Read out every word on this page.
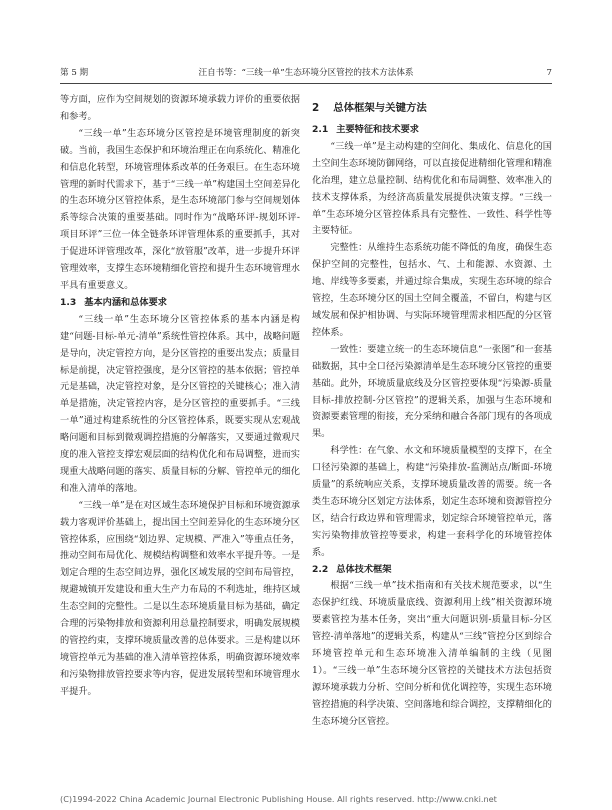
第 5 期	汪自书等：“三线一单”生态环境分区管控的技术方法体系	7

等方面，应作为空间规划的资源环境承载力评价的重要依据和参考。

“三线一单”生态环境分区管控是环境管理制度的新突破。当前，我国生态保护和环境治理正在向系统化、精准化和信息化转型，环境管理体系改革的任务艰巨。在生态环境管理的新时代需求下，基于“三线一单”构建国土空间差异化的生态环境分区管控体系，是生态环境部门参与空间规划体系等综合决策的重要基础。同时作为“战略环评-规划环评-项目环评”三位一体全链条环评管理体系的重要抓手，其对于促进环评管理改革，深化“放管服”改革，进一步提升环评管理效率，支撑生态环境精细化管控和提升生态环境管理水平具有重要意义。

1.3 基本内涵和总体要求

“三线一单”生态环境分区管控体系的基本内涵是构建“问题-目标-单元-清单”系统性管控体系。其中，战略问题是导向，决定管控方向，是分区管控的重要出发点；质量目标是前提，决定管控强度，是分区管控的基本依据；管控单元是基础，决定管控对象，是分区管控的关键核心；准入清单是措施，决定管控内容，是分区管控的重要抓手。“三线一单”通过构建系统性的分区管控体系，既要实现从宏观战略问题和目标到微观调控措施的分解落实，又要通过微观尺度的准入管控支撑宏观层面的结构优化和布局调整，进而实现重大战略问题的落实、质量目标的分解、管控单元的细化和准入清单的落地。

“三线一单”是在对区域生态环境保护目标和环境资源承载力客观评价基础上，提出国土空间差异化的生态环境分区管控体系，应围绕“划边界、定规模、严准入”等重点任务，推动空间布局优化、规模结构调整和效率水平提升等。一是划定合理的生态空间边界，强化区域发展的空间布局管控，规避城镇开发建设和重大生产力布局的不利选址，维持区域生态空间的完整性。二是以生态环境质量目标为基础，确定合理的污染物排放和资源利用总量控制要求，明确发展规模的管控约束，支撑环境质量改善的总体要求。三是构建以环境管控单元为基础的准入清单管控体系，明确资源环境效率和污染物排放管控要求等内容，促进发展转型和环境管理水平提升。

2 总体框架与关键方法
2.1 主要特征和技术要求

“三线一单”是主动构建的空间化、集成化、信息化的国土空间生态环境防御网络，可以直接促进精细化管理和精准化治理，建立总量控制、结构优化和布局调整、效率准入的技术支撑体系，为经济高质量发展提供决策支撑。“三线一单”生态环境分区管控体系具有完整性、一致性、科学性等主要特征。

完整性：从维持生态系统功能不降低的角度，确保生态保护空间的完整性，包括水、气、土和能源、水资源、土地、岸线等多要素，并通过综合集成，实现生态环境的综合管控，生态环境分区的国土空间全覆盖，不留白，构建与区域发展和保护相协调、与实际环境管理需求相匹配的分区管控体系。

一致性：要建立统一的生态环境信息“一张图”和一套基础数据，其中全口径污染源清单是生态环境分区管控的重要基础。此外，环境质量底线及分区管控要体现“污染源-质量目标-排放控制-分区管控”的逻辑关系，加强与生态环境和资源要素管理的衔接，充分采纳和融合各部门现有的各项成果。

科学性：在气象、水文和环境质量模型的支撑下，在全口径污染源的基础上，构建“污染排放-监测站点/断面-环境质量”的系统响应关系，支撑环境质量改善的需要。统一各类生态环境分区划定方法体系，划定生态环境和资源管控分区，结合行政边界和管理需求，划定综合环境管控单元，落实污染物排放管控等要求，构建一套科学化的环境管控体系。

2.2 总体技术框架

根据“三线一单”技术指南和有关技术规范要求，以“生态保护红线、环境质量底线、资源利用上线”相关资源环境要素管控为基本任务，突出“重大问题识别-质量目标-分区管控-清单落地”的逻辑关系，构建从“三线”管控分区到综合环境管控单元和生态环境准入清单编制的主线（见图 1）。“三线一单”生态环境分区管控的关键技术方法包括资源环境承载力分析、空间分析和优化调控等，实现生态环境管控措施的科学决策、空间落地和综合调控，支撑精细化的生态环境分区管控。

(C)1994-2022 China Academic Journal Electronic Publishing House. All rights reserved. http://www.cnki.net
